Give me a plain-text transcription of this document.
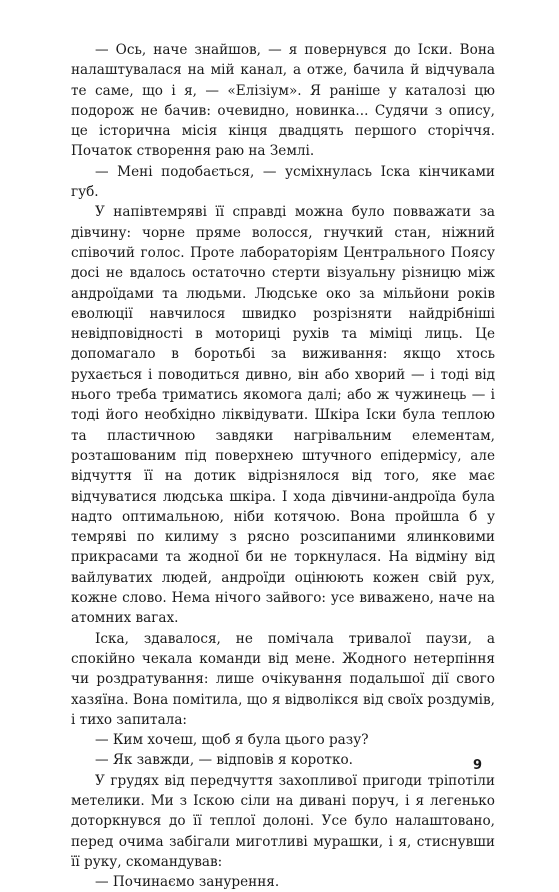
— Ось, наче знайшов, — я повернувся до Іски. Вона налаштувалася на мій канал, а отже, бачила й відчувала те саме, що і я, — «Елізіум». Я раніше у каталозі цю подорож не бачив: очевидно, новинка... Судячи з опису, це історична місія кінця двадцять першого сторіччя. Початок створення раю на Землі.

— Мені подобається, — усміхнулась Іска кінчиками губ.

У напівтемряві її справді можна було повважати за дівчину: чорне пряме волосся, гнучкий стан, ніжний співочий голос. Проте лабораторіям Центрального Поясу досі не вдалось остаточно стерти візуальну різницю між андроїдами та людьми. Людське око за мільйони років еволюції навчилося швидко розрізняти найдрібніші невідповідності в моториці рухів та міміці лиць. Це допомагало в боротьбі за виживання: якщо хтось рухається і поводиться дивно, він або хворий — і тоді від нього треба триматись якомога далі; або ж чужинець — і тоді його необхідно ліквідувати. Шкіра Іски була теплою та пластичною завдяки нагрівальним елементам, розташованим під поверхнею штучного епідермісу, але відчуття її на дотик відрізнялося від того, яке має відчуватися людська шкіра. І хода дівчини-андроїда була надто оптимальною, ніби котячою. Вона пройшла б у темряві по килиму з рясно розсипаними ялинковими прикрасами та жодної би не торкнулася. На відміну від вайлуватих людей, андроїди оцінюють кожен свій рух, кожне слово. Нема нічого зайвого: усе виважено, наче на атомних вагах.

Іска, здавалося, не помічала тривалої паузи, а спокійно чекала команди від мене. Жодного нетерпіння чи роздратування: лише очікування подальшої дії свого хазяїна. Вона помітила, що я відволікся від своїх роздумів, і тихо запитала:

— Ким хочеш, щоб я була цього разу?

— Як завжди, — відповів я коротко.

У грудях від передчуття захопливої пригоди тріпотіли метелики. Ми з Іскою сіли на дивані поруч, і я легенько доторкнувся до її теплої долоні. Усе було налаштовано, перед очима забігали миготливі мурашки, і я, стиснувши її руку, скомандував:

— Починаємо занурення.

9
